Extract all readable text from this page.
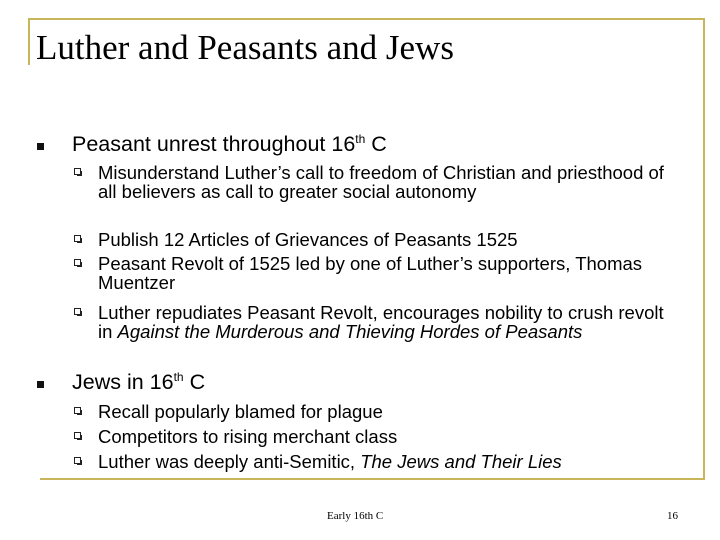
Luther and Peasants and Jews
Peasant unrest throughout 16th C
Misunderstand Luther’s call to freedom of Christian and priesthood of all believers as call to greater social autonomy
Publish 12 Articles of Grievances of Peasants 1525
Peasant Revolt of 1525 led by one of Luther’s supporters, Thomas Muentzer
Luther repudiates Peasant Revolt, encourages nobility to crush revolt in Against the Murderous and Thieving Hordes of Peasants
Jews in 16th C
Recall popularly blamed for plague
Competitors to rising merchant class
Luther was deeply anti-Semitic, The Jews and Their Lies
Early 16th C	16
